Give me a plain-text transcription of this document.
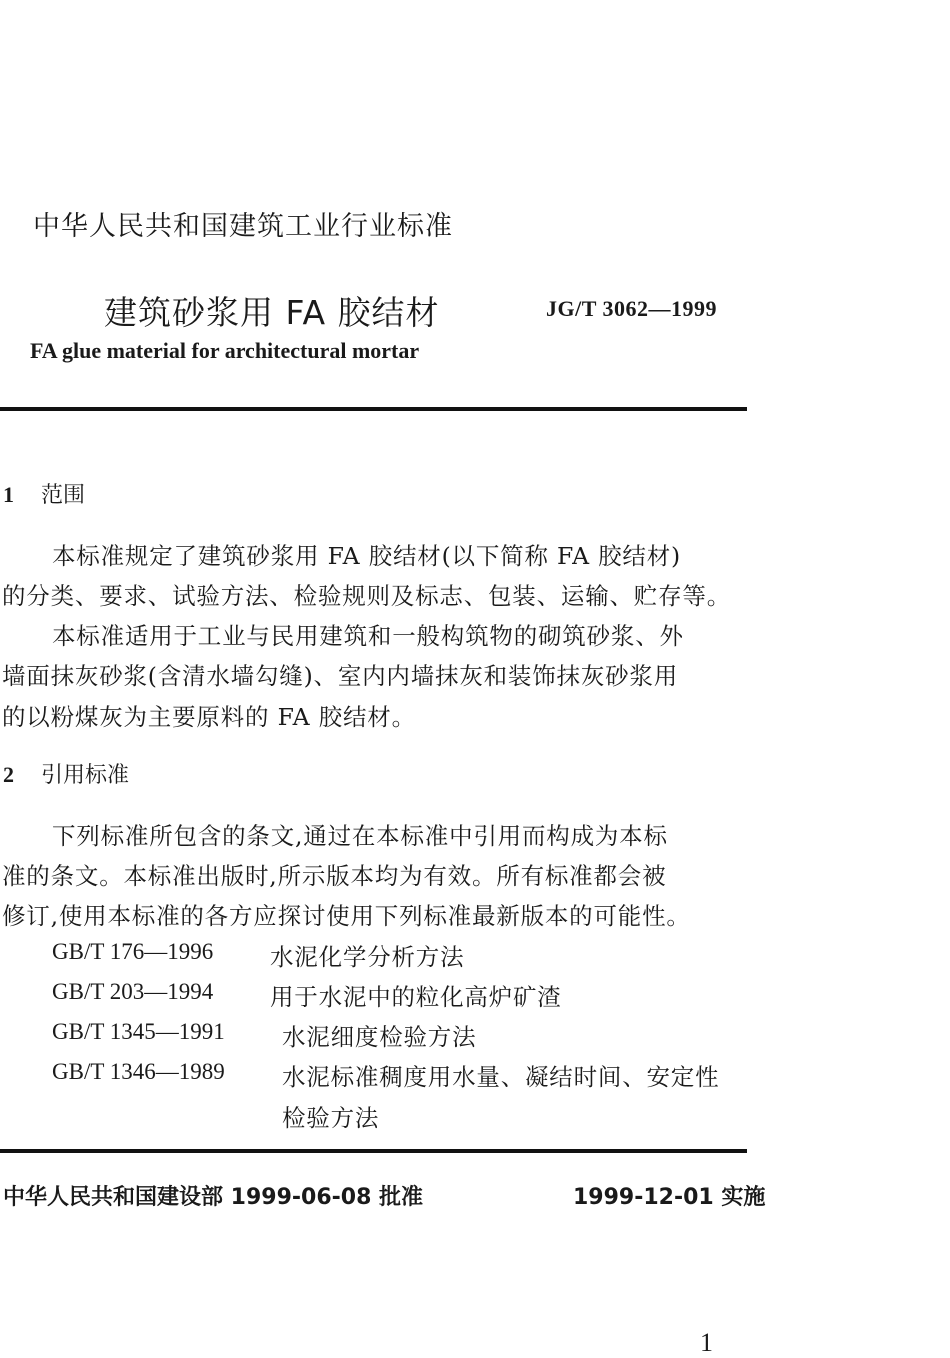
中华人民共和国建筑工业行业标准
建筑砂浆用 FA 胶结材	JG/T 3062—1999
FA glue material for architectural mortar
1 范围
本标准规定了建筑砂浆用 FA 胶结材(以下简称 FA 胶结材)
的分类、要求、试验方法、检验规则及标志、包装、运输、贮存等。
本标准适用于工业与民用建筑和一般构筑物的砌筑砂浆、外
墙面抹灰砂浆(含清水墙勾缝)、室内内墙抹灰和装饰抹灰砂浆用
的以粉煤灰为主要原料的 FA 胶结材。
2 引用标准
下列标准所包含的条文,通过在本标准中引用而构成为本标
准的条文。本标准出版时,所示版本均为有效。所有标准都会被
修订,使用本标准的各方应探讨使用下列标准最新版本的可能性。
GB/T 176—1996 水泥化学分析方法
GB/T 203—1994 用于水泥中的粒化高炉矿渣
GB/T 1345—1991 水泥细度检验方法
GB/T 1346—1989 水泥标准稠度用水量、凝结时间、安定性
检验方法
中华人民共和国建设部 1999-06-08 批准	1999-12-01 实施
1
